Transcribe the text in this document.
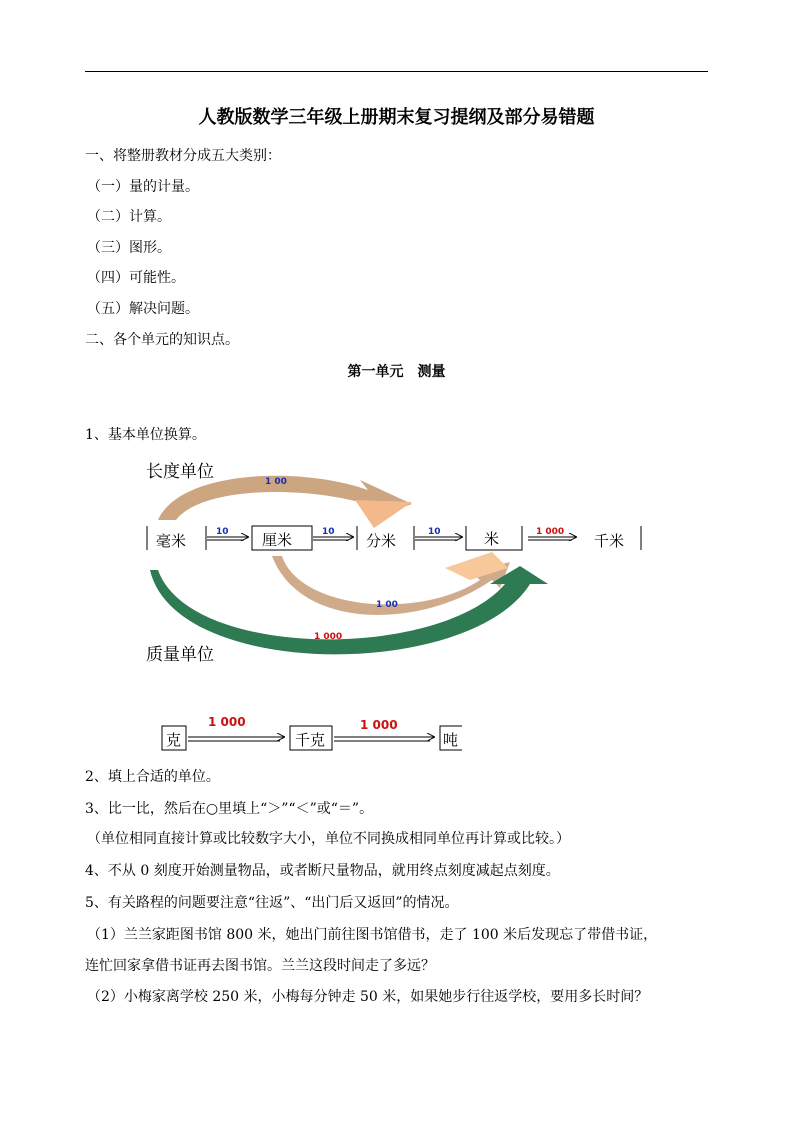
人教版数学三年级上册期末复习提纲及部分易错题
一、将整册教材分成五大类别：
（一）量的计量。
（二）计算。
（三）图形。
（四）可能性。
（五）解决问题。
二、各个单元的知识点。
第一单元　测量
1、基本单位换算。
长度单位	1 00
1 00
1 000
毫米	厘米	分米	米	千米
10	10	10	1 000
质量单位
克	千克	吨
1 000	1 000
2、填上合适的单位。
3、比一比，然后在○里填上“＞”“＜”或“＝”。
（单位相同直接计算或比较数字大小，单位不同换成相同单位再计算或比较。）
4、不从 0 刻度开始测量物品，或者断尺量物品，就用终点刻度减起点刻度。
5、有关路程的问题要注意“往返”、“出门后又返回”的情况。
（1）兰兰家距图书馆 800 米，她出门前往图书馆借书，走了 100 米后发现忘了带借书证，
连忙回家拿借书证再去图书馆。兰兰这段时间走了多远？
（2）小梅家离学校 250 米，小梅每分钟走 50 米，如果她步行往返学校，要用多长时间？
